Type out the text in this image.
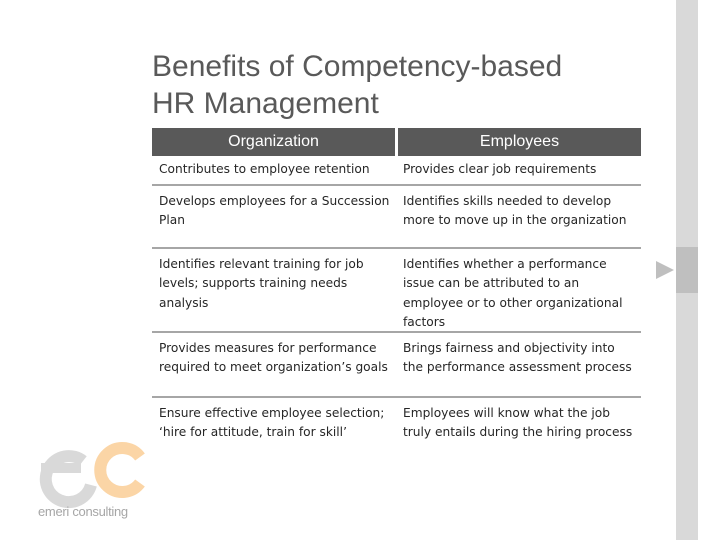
Benefits of Competency-based
HR Management
Organization	Employees
Contributes to employee retention	Provides clear job requirements
Develops employees for a Succession Plan
Identifies skills needed to develop more to move up in the organization
Identifies relevant training for job levels; supports training needs analysis
Identifies whether a performance issue can be attributed to an employee or to other organizational factors
Provides measures for performance required to meet organization’s goals
Brings fairness and objectivity into the performance assessment process
Ensure effective employee selection; ‘hire for attitude, train for skill’
Employees will know what the job truly entails during the hiring process
emeri consulting
